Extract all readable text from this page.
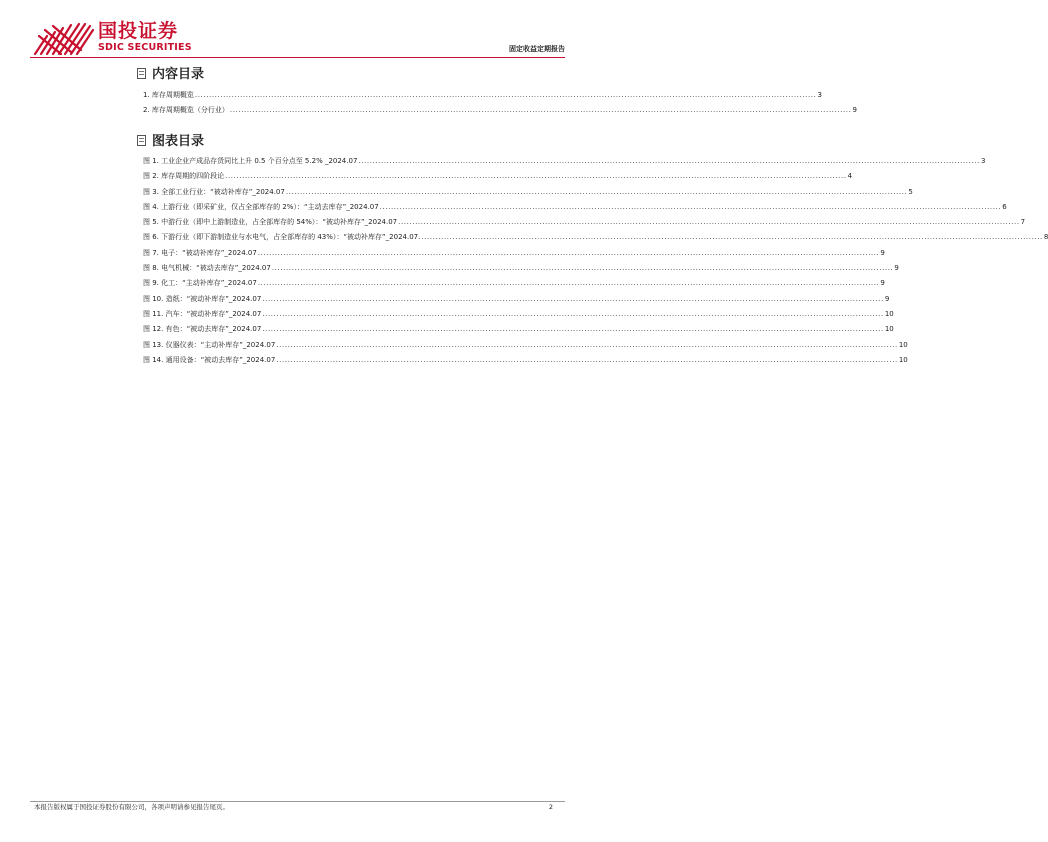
国投证券
SDIC SECURITIES	固定收益定期报告
内容目录
1. 库存周期概览 ............................................................................................................................................................................................................................ 3
2. 库存周期概览（分行业） ............................................................................................................................................................................................................................ 9
图表目录
图 1. 工业企业产成品存货同比上升 0.5 个百分点至 5.2% _2024.07 ............................................................................................................................................................................................................................ 3
图 2. 库存周期的四阶段论 ............................................................................................................................................................................................................................ 4
图 3. 全部工业行业：“被动补库存”_2024.07 ............................................................................................................................................................................................................................ 5
图 4. 上游行业（即采矿业，仅占全部库存的 2%）：“主动去库存”_2024.07 ............................................................................................................................................................................................................................ 6
图 5. 中游行业（即中上游制造业，占全部库存的 54%）：“被动补库存”_2024.07 ............................................................................................................................................................................................................................ 7
图 6. 下游行业（即下游制造业与水电气，占全部库存的 43%）：“被动补库存”_2024.07. ............................................................................................................................................................................................................................ 8
图 7. 电子：“被动补库存”_2024.07 ............................................................................................................................................................................................................................ 9
图 8. 电气机械：“被动去库存”_2024.07 ............................................................................................................................................................................................................................ 9
图 9. 化工：“主动补库存”_2024.07 ............................................................................................................................................................................................................................ 9
图 10. 造纸：“被动补库存”_2024.07 ............................................................................................................................................................................................................................ 9
图 11. 汽车：“被动补库存”_2024.07 ............................................................................................................................................................................................................................ 10
图 12. 有色：“被动去库存”_2024.07 ............................................................................................................................................................................................................................ 10
图 13. 仪器仪表：“主动补库存”_2024.07 ............................................................................................................................................................................................................................ 10
图 14. 通用设备：“被动去库存”_2024.07 ............................................................................................................................................................................................................................ 10
本报告版权属于国投证券股份有限公司，各项声明请参见报告尾页。	2
